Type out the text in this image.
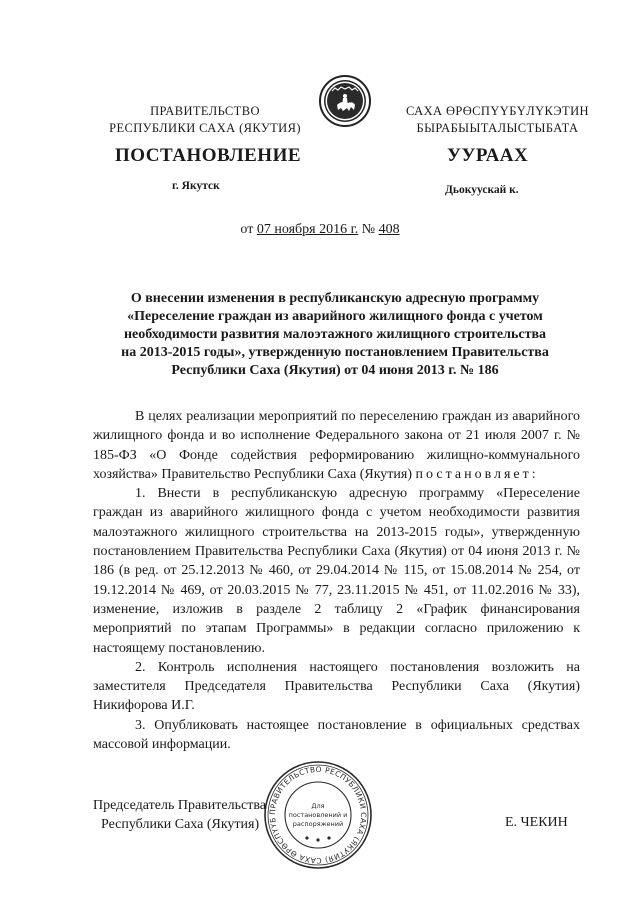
ПРАВИТЕЛЬСТВО
РЕСПУБЛИКИ САХА (ЯКУТИЯ)
САХА ӨРӨСПҮҮБҮЛҮКЭТИН
БЫРАБЫЫТАЛЫСТЫБАТА
ПОСТАНОВЛЕНИЕ	УУРААХ
г. Якутск	Дьокуускай к.
от 07 ноября 2016 г. № 408
О внесении изменения в республиканскую адресную программу
«Переселение граждан из аварийного жилищного фонда с учетом
необходимости развития малоэтажного жилищного строительства
на 2013-2015 годы», утвержденную постановлением Правительства
Республики Саха (Якутия) от 04 июня 2013 г. № 186

В целях реализации мероприятий по переселению граждан из аварийного жилищного фонда и во исполнение Федерального закона от 21 июля 2007 г. № 185-ФЗ «О Фонде содействия реформированию жилищно-коммунального хозяйства» Правительство Республики Саха (Якутия) постановляет:

1. Внести в республиканскую адресную программу «Переселение граждан из аварийного жилищного фонда с учетом необходимости развития малоэтажного жилищного строительства на 2013-2015 годы», утвержденную постановлением Правительства Республики Саха (Якутия) от 04 июня 2013 г. № 186 (в ред. от 25.12.2013 № 460, от 29.04.2014 № 115, от 15.08.2014 № 254, от 19.12.2014 № 469, от 20.03.2015 № 77, 23.11.2015 № 451, от 11.02.2016 № 33), изменение, изложив в разделе 2 таблицу 2 «График финансирования мероприятий по этапам Программы» в редакции согласно приложению к настоящему постановлению.

2. Контроль исполнения настоящего постановления возложить на заместителя Председателя Правительства Республики Саха (Якутия) Никифорова И.Г.

3. Опубликовать настоящее постановление в официальных средствах массовой информации.

Председатель Правительства
Республики Саха (Якутия)	Е. ЧЕКИН
ПРАВИТЕЛЬСТВО РЕСПУБЛИКИ САХА (ЯКУТИЯ) САХА ӨРӨСПҮҮБ
Для
постановлений и
распоряжений
